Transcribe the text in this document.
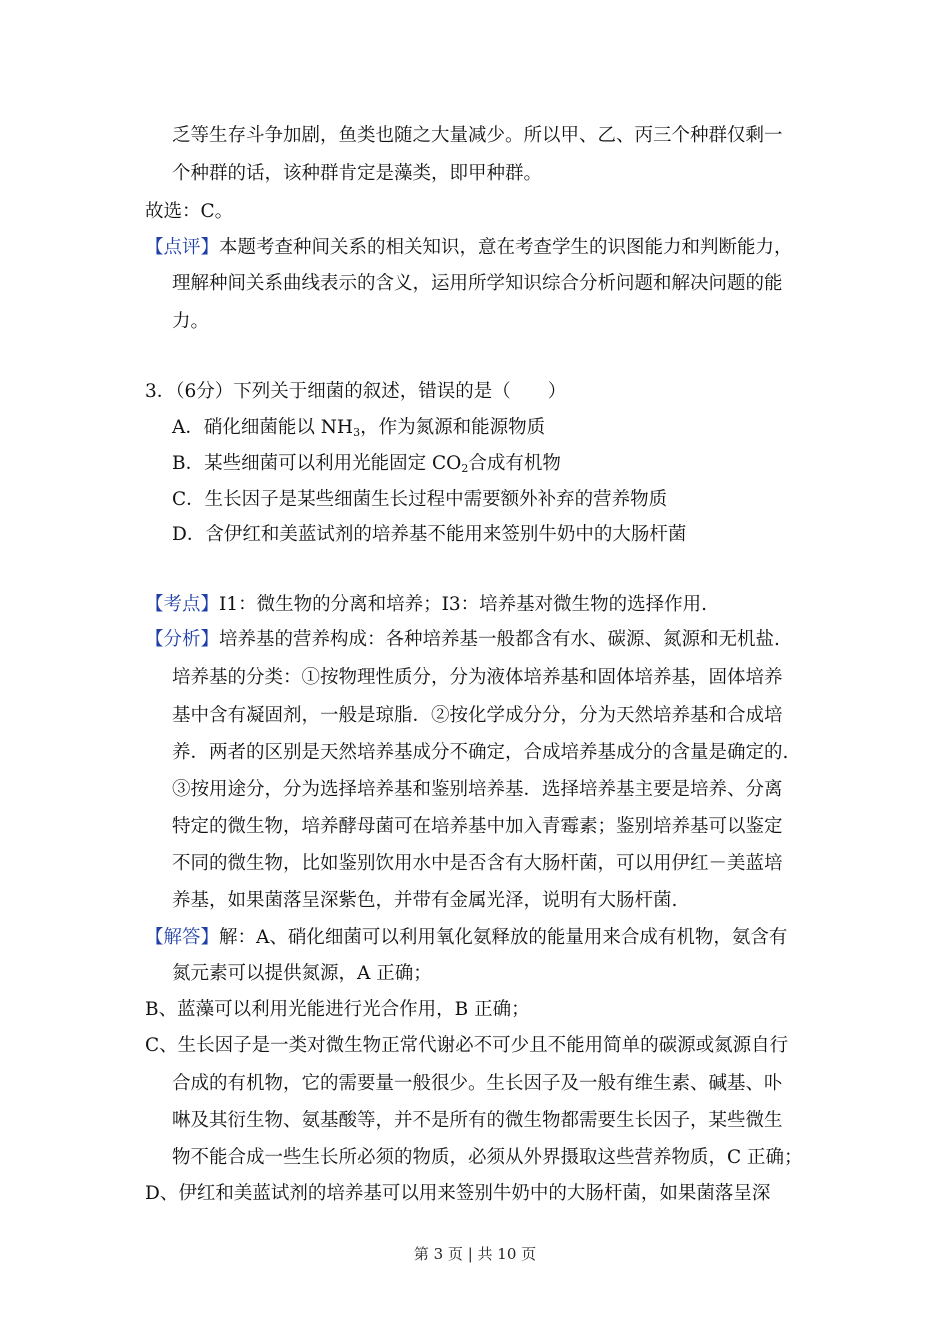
乏等生存斗争加剧，鱼类也随之大量减少。所以甲、乙、丙三个种群仅剩一
个种群的话，该种群肯定是藻类，即甲种群。
故选：C。
【点评】本题考查种间关系的相关知识，意在考查学生的识图能力和判断能力，
理解种间关系曲线表示的含义，运用所学知识综合分析问题和解决问题的能
力。
3．（6分）下列关于细菌的叙述，错误的是（　　）
A．硝化细菌能以 $NH_3$，作为氮源和能源物质
B．某些细菌可以利用光能固定 $CO_2$合成有机物
C．生长因子是某些细菌生长过程中需要额外补弃的营养物质
D．含伊红和美蓝试剂的培养基不能用来签别牛奶中的大肠杆菌
【考点】I1：微生物的分离和培养；I3：培养基对微生物的选择作用.
【分析】培养基的营养构成：各种培养基一般都含有水、碳源、氮源和无机盐.
培养基的分类：①按物理性质分，分为液体培养基和固体培养基，固体培养
基中含有凝固剂，一般是琼脂．②按化学成分分，分为天然培养基和合成培
养．两者的区别是天然培养基成分不确定，合成培养基成分的含量是确定的.
③按用途分，分为选择培养基和鉴别培养基．选择培养基主要是培养、分离
特定的微生物，培养酵母菌可在培养基中加入青霉素；鉴别培养基可以鉴定
不同的微生物，比如鉴别饮用水中是否含有大肠杆菌，可以用伊红－美蓝培
养基，如果菌落呈深紫色，并带有金属光泽，说明有大肠杆菌.
【解答】解：A、硝化细菌可以利用氧化氨释放的能量用来合成有机物，氨含有
氮元素可以提供氮源，A 正确；
B、蓝藻可以利用光能进行光合作用，B 正确；
C、生长因子是一类对微生物正常代谢必不可少且不能用简单的碳源或氮源自行
合成的有机物，它的需要量一般很少。生长因子及一般有维生素、碱基、卟
啉及其衍生物、氨基酸等，并不是所有的微生物都需要生长因子，某些微生
物不能合成一些生长所必须的物质，必须从外界摄取这些营养物质，C 正确；
D、伊红和美蓝试剂的培养基可以用来签别牛奶中的大肠杆菌，如果菌落呈深
第 3 页 | 共 10 页
